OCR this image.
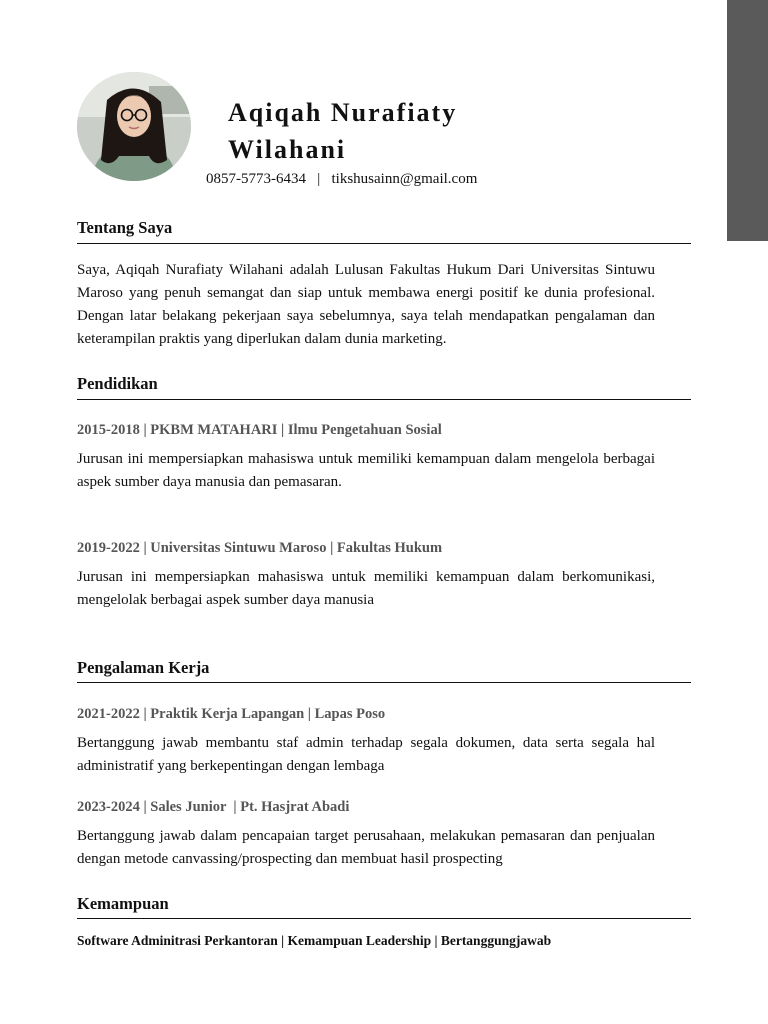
Aqiqah Nurafiaty
Wilahani
0857-5773-6434   |   tikshusainn@gmail.com
Tentang Saya

Saya, Aqiqah Nurafiaty Wilahani adalah Lulusan Fakultas Hukum Dari Universitas Sintuwu Maroso yang penuh semangat dan siap untuk membawa energi positif ke dunia profesional. Dengan latar belakang pekerjaan saya sebelumnya, saya telah mendapatkan pengalaman dan keterampilan praktis yang diperlukan dalam dunia marketing.

Pendidikan
2015-2018 | PKBM MATAHARI | Ilmu Pengetahuan Sosial

Jurusan ini mempersiapkan mahasiswa untuk memiliki kemampuan dalam mengelola berbagai aspek sumber daya manusia dan pemasaran.

2019-2022 | Universitas Sintuwu Maroso | Fakultas Hukum

Jurusan ini mempersiapkan mahasiswa untuk memiliki kemampuan dalam berkomunikasi, mengelolak berbagai aspek sumber daya manusia

Pengalaman Kerja
2021-2022 | Praktik Kerja Lapangan | Lapas Poso

Bertanggung jawab membantu staf admin terhadap segala dokumen, data serta segala hal administratif yang berkepentingan dengan lembaga

2023-2024 | Sales Junior  | Pt. Hasjrat Abadi

Bertanggung jawab dalam pencapaian target perusahaan, melakukan pemasaran dan penjualan dengan metode canvassing/prospecting dan membuat hasil prospecting

Kemampuan
Software Adminitrasi Perkantoran | Kemampuan Leadership | Bertanggungjawab
